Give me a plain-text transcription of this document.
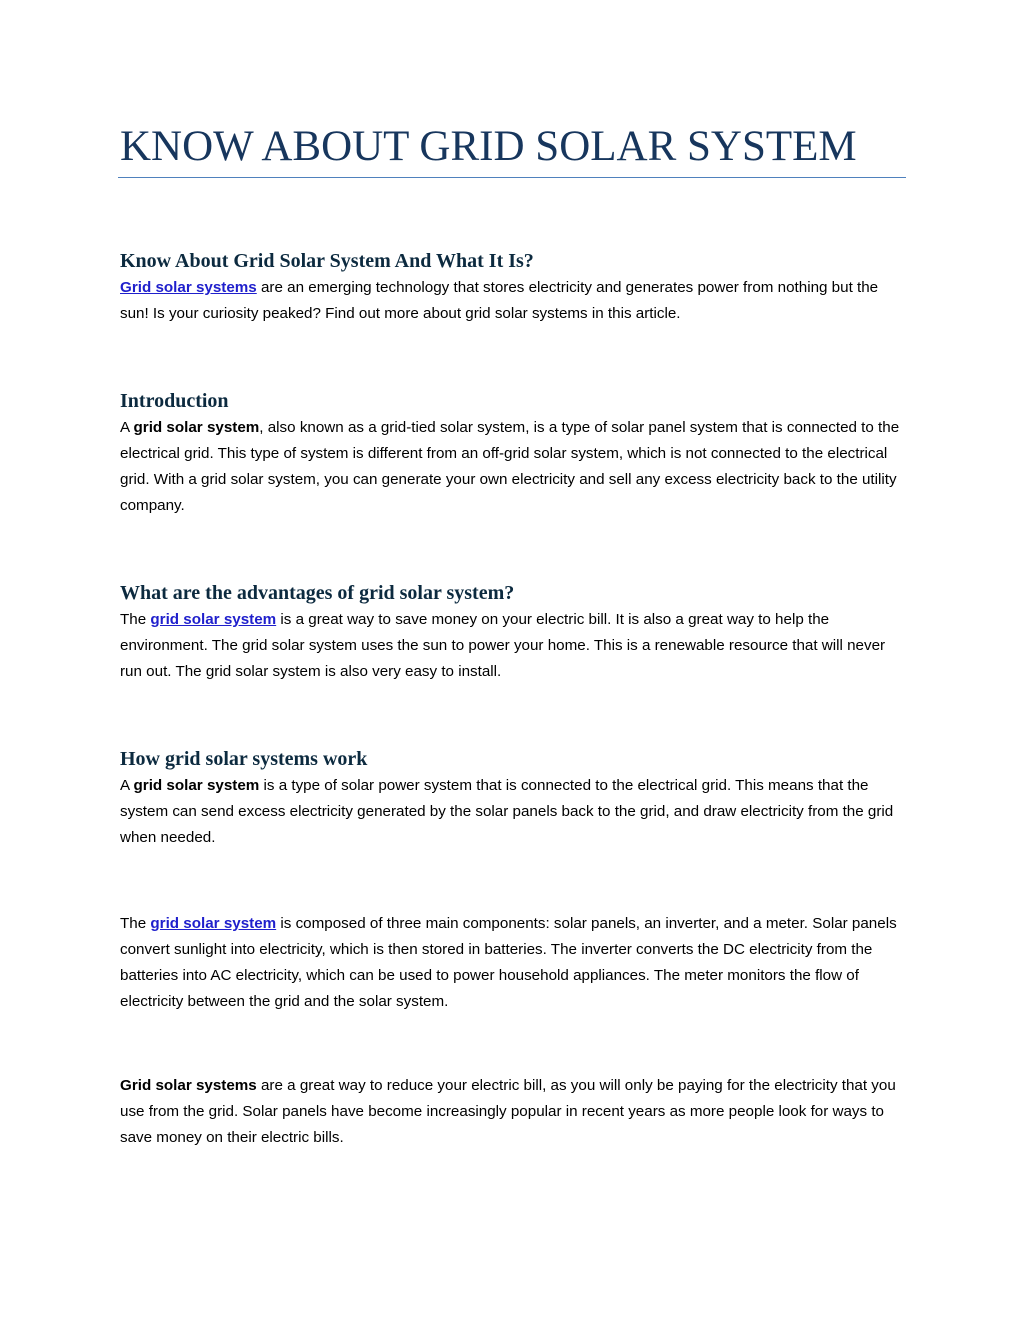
KNOW ABOUT GRID SOLAR SYSTEM
Know About Grid Solar System And What It Is?

Grid solar systems are an emerging technology that stores electricity and generates power from nothing but the sun! Is your curiosity peaked? Find out more about grid solar systems in this article.

Introduction

A grid solar system, also known as a grid-tied solar system, is a type of solar panel system that is connected to the electrical grid. This type of system is different from an off-grid solar system, which is not connected to the electrical grid. With a grid solar system, you can generate your own electricity and sell any excess electricity back to the utility company.

What are the advantages of grid solar system?

The grid solar system is a great way to save money on your electric bill. It is also a great way to help the environment. The grid solar system uses the sun to power your home. This is a renewable resource that will never run out. The grid solar system is also very easy to install.

How grid solar systems work

A grid solar system is a type of solar power system that is connected to the electrical grid. This means that the system can send excess electricity generated by the solar panels back to the grid, and draw electricity from the grid when needed.

The grid solar system is composed of three main components: solar panels, an inverter, and a meter. Solar panels convert sunlight into electricity, which is then stored in batteries. The inverter converts the DC electricity from the batteries into AC electricity, which can be used to power household appliances. The meter monitors the flow of electricity between the grid and the solar system.

Grid solar systems are a great way to reduce your electric bill, as you will only be paying for the electricity that you use from the grid. Solar panels have become increasingly popular in recent years as more people look for ways to save money on their electric bills.
